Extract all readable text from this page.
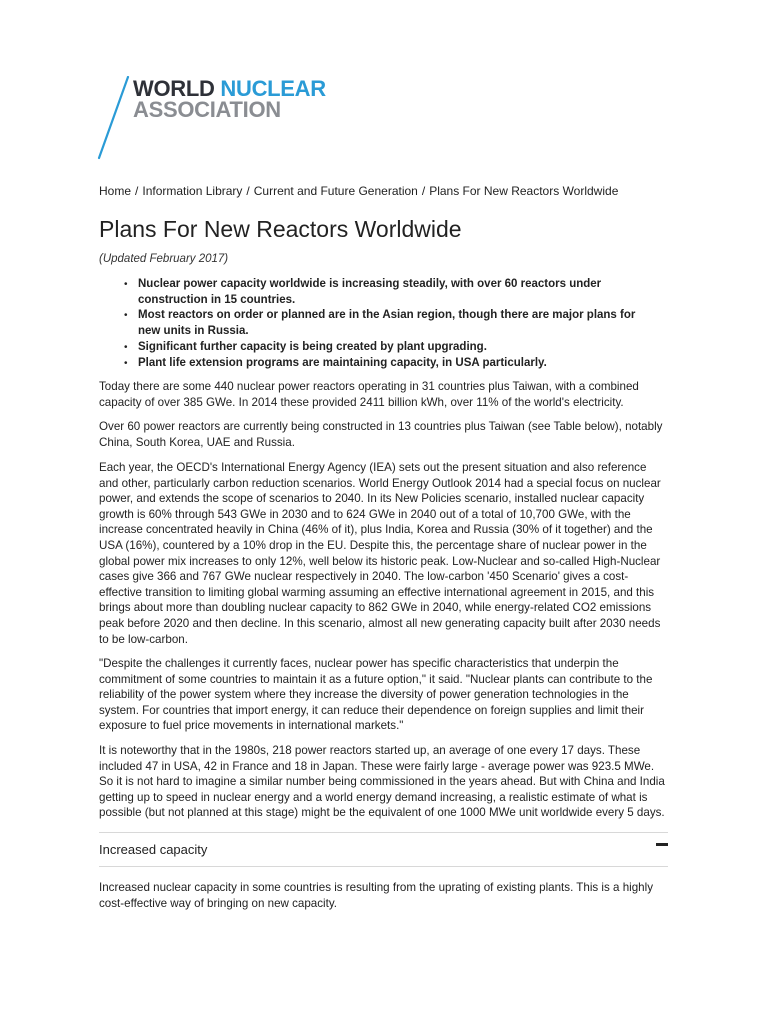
WORLD NUCLEAR
ASSOCIATION
Home / Information Library / Current and Future Generation / Plans For New Reactors Worldwide
Plans For New Reactors Worldwide
(Updated February 2017)
• Nuclear power capacity worldwide is increasing steadily, with over 60 reactors under construction in 15 countries.
• Most reactors on order or planned are in the Asian region, though there are major plans for new units in Russia.
• Significant further capacity is being created by plant upgrading.
• Plant life extension programs are maintaining capacity, in USA particularly.

Today there are some 440 nuclear power reactors operating in 31 countries plus Taiwan, with a combined capacity of over 385 GWe. In 2014 these provided 2411 billion kWh, over 11% of the world's electricity.

Over 60 power reactors are currently being constructed in 13 countries plus Taiwan (see Table below), notably China, South Korea, UAE and Russia.

Each year, the OECD's International Energy Agency (IEA) sets out the present situation and also reference and other, particularly carbon reduction scenarios. World Energy Outlook 2014 had a special focus on nuclear power, and extends the scope of scenarios to 2040. In its New Policies scenario, installed nuclear capacity growth is 60% through 543 GWe in 2030 and to 624 GWe in 2040 out of a total of 10,700 GWe, with the increase concentrated heavily in China (46% of it), plus India, Korea and Russia (30% of it together) and the USA (16%), countered by a 10% drop in the EU. Despite this, the percentage share of nuclear power in the global power mix increases to only 12%, well below its historic peak. Low-Nuclear and so-called High-Nuclear cases give 366 and 767 GWe nuclear respectively in 2040. The low-carbon '450 Scenario' gives a cost-effective transition to limiting global warming assuming an effective international agreement in 2015, and this brings about more than doubling nuclear capacity to 862 GWe in 2040, while energy-related CO2 emissions peak before 2020 and then decline. In this scenario, almost all new generating capacity built after 2030 needs to be low-carbon.

"Despite the challenges it currently faces, nuclear power has specific characteristics that underpin the commitment of some countries to maintain it as a future option," it said. "Nuclear plants can contribute to the reliability of the power system where they increase the diversity of power generation technologies in the system. For countries that import energy, it can reduce their dependence on foreign supplies and limit their exposure to fuel price movements in international markets."

It is noteworthy that in the 1980s, 218 power reactors started up, an average of one every 17 days. These included 47 in USA, 42 in France and 18 in Japan. These were fairly large - average power was 923.5 MWe. So it is not hard to imagine a similar number being commissioned in the years ahead. But with China and India getting up to speed in nuclear energy and a world energy demand increasing, a realistic estimate of what is possible (but not planned at this stage) might be the equivalent of one 1000 MWe unit worldwide every 5 days.

Increased capacity

Increased nuclear capacity in some countries is resulting from the uprating of existing plants. This is a highly cost-effective way of bringing on new capacity.
